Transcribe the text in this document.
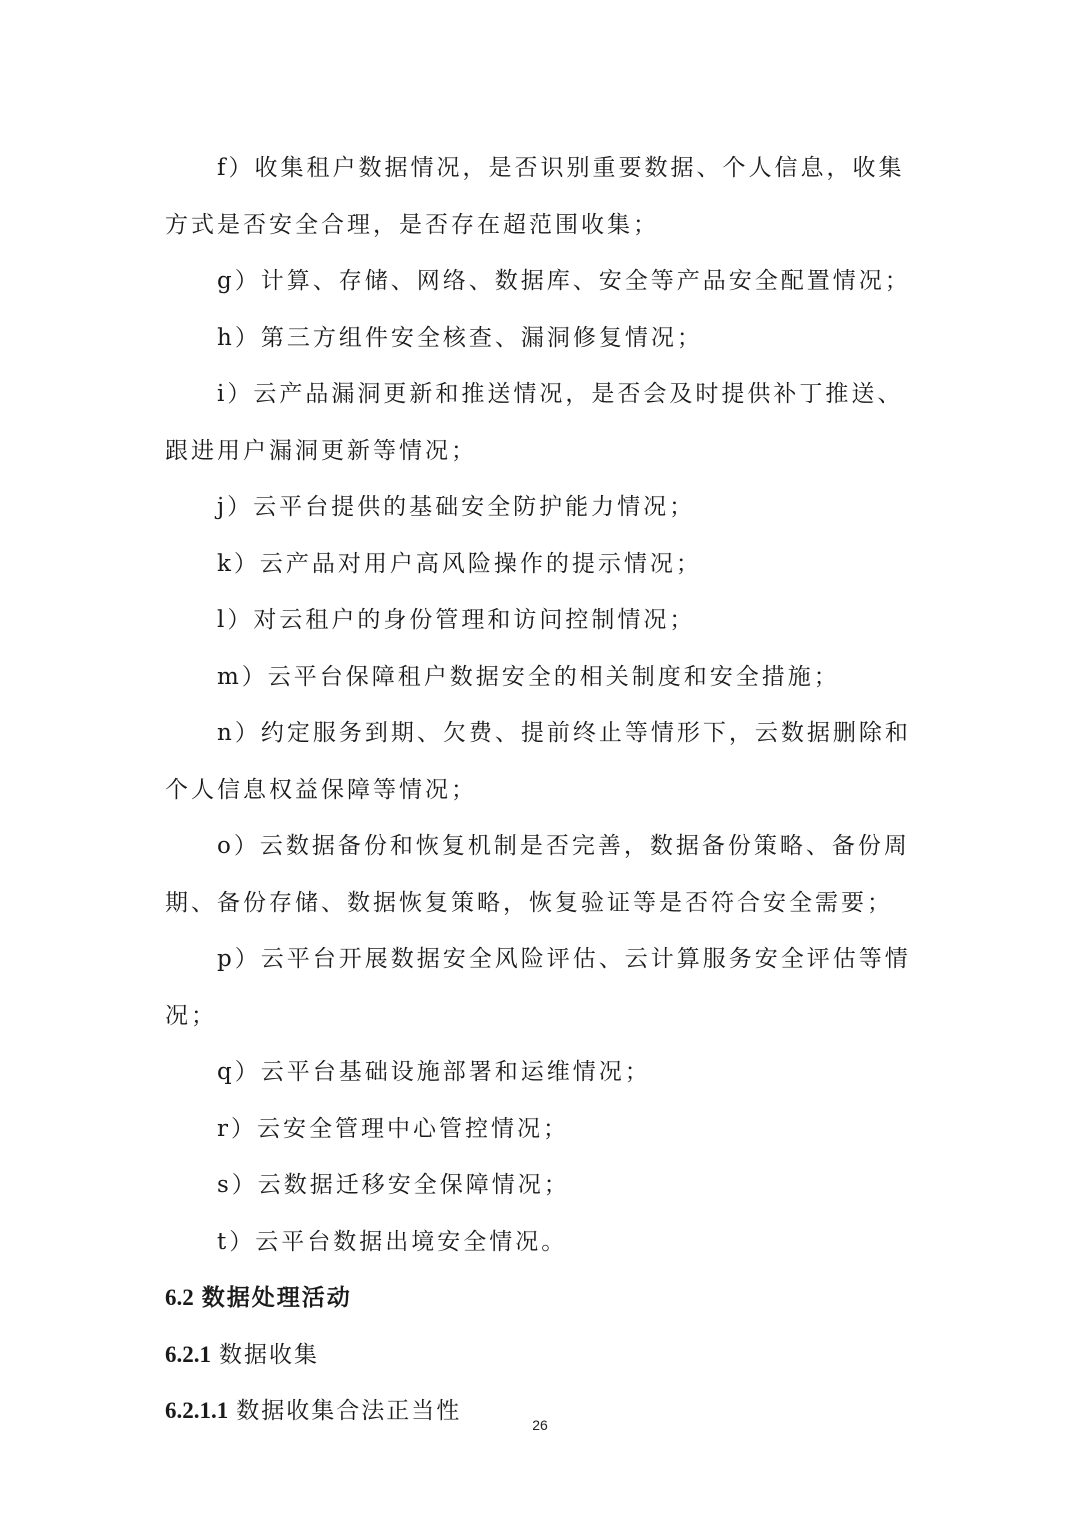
f）收集租户数据情况，是否识别重要数据、个人信息，收集方式是否安全合理，是否存在超范围收集；

g）计算、存储、网络、数据库、安全等产品安全配置情况；

h）第三方组件安全核查、漏洞修复情况；

i）云产品漏洞更新和推送情况，是否会及时提供补丁推送、跟进用户漏洞更新等情况；

j）云平台提供的基础安全防护能力情况；

k）云产品对用户高风险操作的提示情况；

l）对云租户的身份管理和访问控制情况；

m）云平台保障租户数据安全的相关制度和安全措施；

n）约定服务到期、欠费、提前终止等情形下，云数据删除和个人信息权益保障等情况；

o）云数据备份和恢复机制是否完善，数据备份策略、备份周期、备份存储、数据恢复策略，恢复验证等是否符合安全需要；

p）云平台开展数据安全风险评估、云计算服务安全评估等情况；

q）云平台基础设施部署和运维情况；

r）云安全管理中心管控情况；

s）云数据迁移安全保障情况；

t）云平台数据出境安全情况。

6.2 数据处理活动
6.2.1 数据收集
6.2.1.1 数据收集合法正当性
26
